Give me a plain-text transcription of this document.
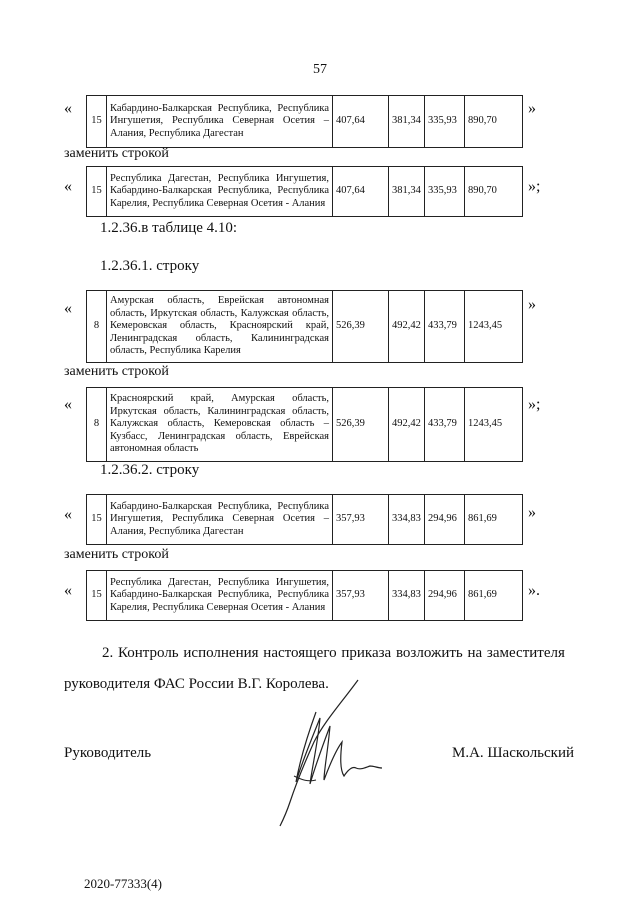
57
«
15	Кабардино-Балкарская Республика, Республика Ингушетия, Республика Северная Осетия – Алания, Республика Дагестан	407,64	381,34	335,93	890,70
»
заменить строкой
« 15	Республика Дагестан, Республика Ингушетия, Кабардино-Балкарская Республика, Республика Карелия, Республика Северная Осетия - Алания	407,64	381,34	335,93	890,70 »;
1.2.36.в таблице 4.10:
1.2.36.1. строку
«
8	Амурская область, Еврейская автономная область, Иркутская область, Калужская область, Кемеровская область, Красноярский край, Ленинградская область, Калининградская область, Республика Карелия	526,39	492,42	433,79	1243,45
»
заменить строкой
«
8	Красноярский край, Амурская область, Иркутская область, Калининградская область, Калужская область, Кемеровская область – Кузбасс, Ленинградская область, Еврейская автономная область	526,39	492,42	433,79	1243,45
»;
1.2.36.2. строку
« 15	Кабардино-Балкарская Республика, Республика Ингушетия, Республика Северная Осетия – Алания, Республика Дагестан	357,93	334,83	294,96	861,69 »
заменить строкой
« 15	Республика Дагестан, Республика Ингушетия, Кабардино-Балкарская Республика, Республика Карелия, Республика Северная Осетия - Алания	357,93	334,83	294,96	861,69 ».
2. Контроль исполнения настоящего приказа возложить на заместителя
руководителя ФАС России В.Г. Королева.
Руководитель	М.А. Шаскольский
2020-77333(4)
